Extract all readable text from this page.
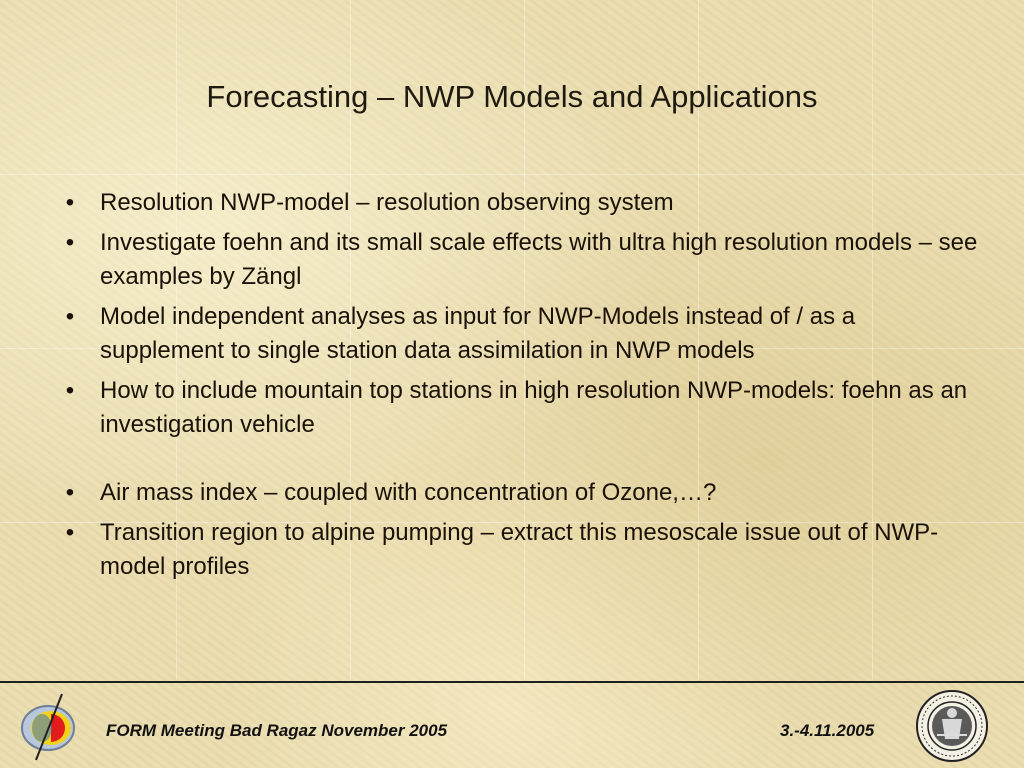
Forecasting – NWP Models and Applications
• Resolution NWP-model – resolution observing system
• Investigate foehn and its small scale effects with ultra high resolution models – see examples by Zängl
• Model independent analyses as input for NWP-Models instead of / as a supplement to single station data assimilation in NWP models
• How to include mountain top stations in high resolution NWP-models: foehn as an investigation vehicle
• Air mass index – coupled with concentration of Ozone,…?
• Transition region to alpine pumping – extract this mesoscale issue out of NWP-model profiles
FORM Meeting Bad Ragaz November 2005	3.-4.11.2005
